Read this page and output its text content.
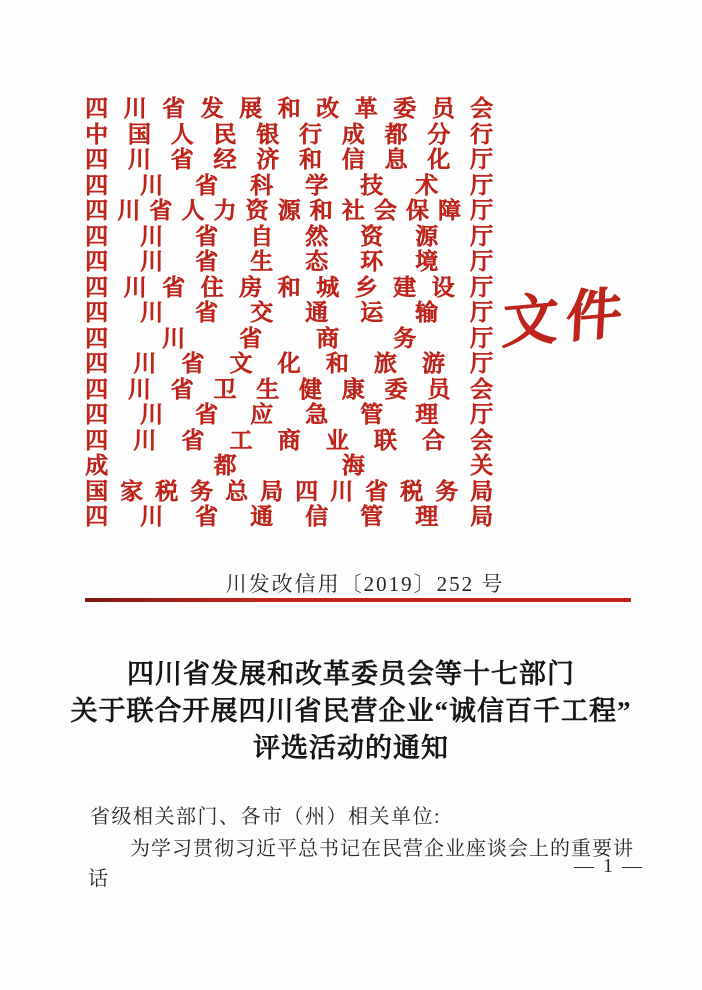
四 川 省 发 展 和 改 革 委 员 会
中 国 人 民 银 行 成 都 分 行
四 川 省 经 济 和 信 息 化 厅
四 川 省 科 学 技 术 厅
四 川 省 人 力 资 源 和 社 会 保 障 厅
四 川 省 自 然 资 源 厅
四 川 省 生 态 环 境 厅
四 川 省 住 房 和 城 乡 建 设 厅
四 川 省 交 通 运 输 厅
四 川 省 商 务 厅
四 川 省 文 化 和 旅 游 厅
四 川 省 卫 生 健 康 委 员 会
四 川 省 应 急 管 理 厅
四 川 省 工 商 业 联 合 会
成	都	海	关
国 家 税 务 总 局 四 川 省 税 务 局
四 川 省 通 信 管 理 局
文件
川发改信用〔2019〕252 号
四川省发展和改革委员会等十七部门
关于联合开展四川省民营企业“诚信百千工程”
评选活动的通知
省级相关部门、各市（州）相关单位:
为学习贯彻习近平总书记在民营企业座谈会上的重要讲话
— 1 —
